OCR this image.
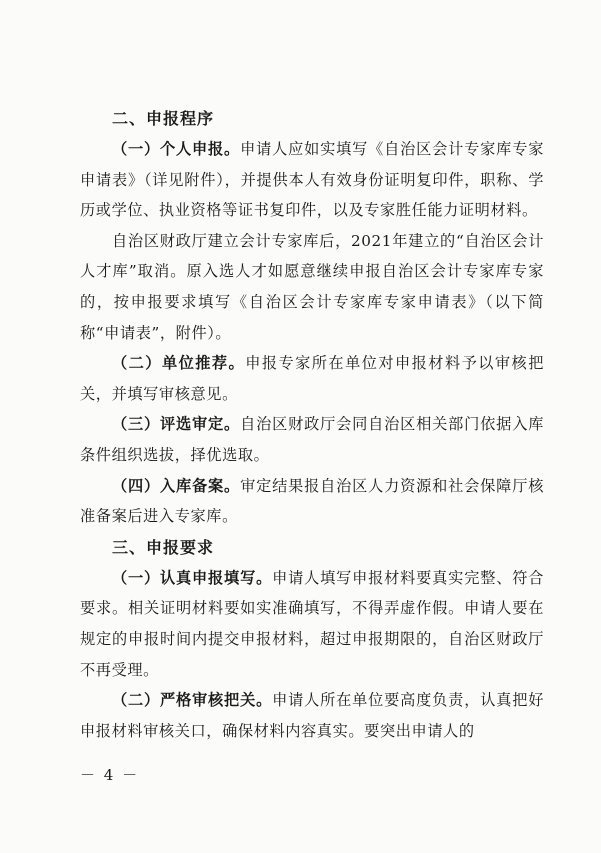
二、申报程序

（一）个人申报。申请人应如实填写《自治区会计专家库专家申请表》（详见附件），并提供本人有效身份证明复印件，职称、学历或学位、执业资格等证书复印件，以及专家胜任能力证明材料。

自治区财政厅建立会计专家库后，2021年建立的“自治区会计人才库”取消。原入选人才如愿意继续申报自治区会计专家库专家的，按申报要求填写《自治区会计专家库专家申请表》（以下简称“申请表”，附件）。

（二）单位推荐。申报专家所在单位对申报材料予以审核把关，并填写审核意见。

（三）评选审定。自治区财政厅会同自治区相关部门依据入库条件组织选拔，择优选取。

（四）入库备案。审定结果报自治区人力资源和社会保障厅核准备案后进入专家库。

三、申报要求

（一）认真申报填写。申请人填写申报材料要真实完整、符合要求。相关证明材料要如实准确填写，不得弄虚作假。申请人要在规定的申报时间内提交申报材料，超过申报期限的，自治区财政厅不再受理。

（二）严格审核把关。申请人所在单位要高度负责，认真把好申报材料审核关口，确保材料内容真实。要突出申请人的

－ 4 －
